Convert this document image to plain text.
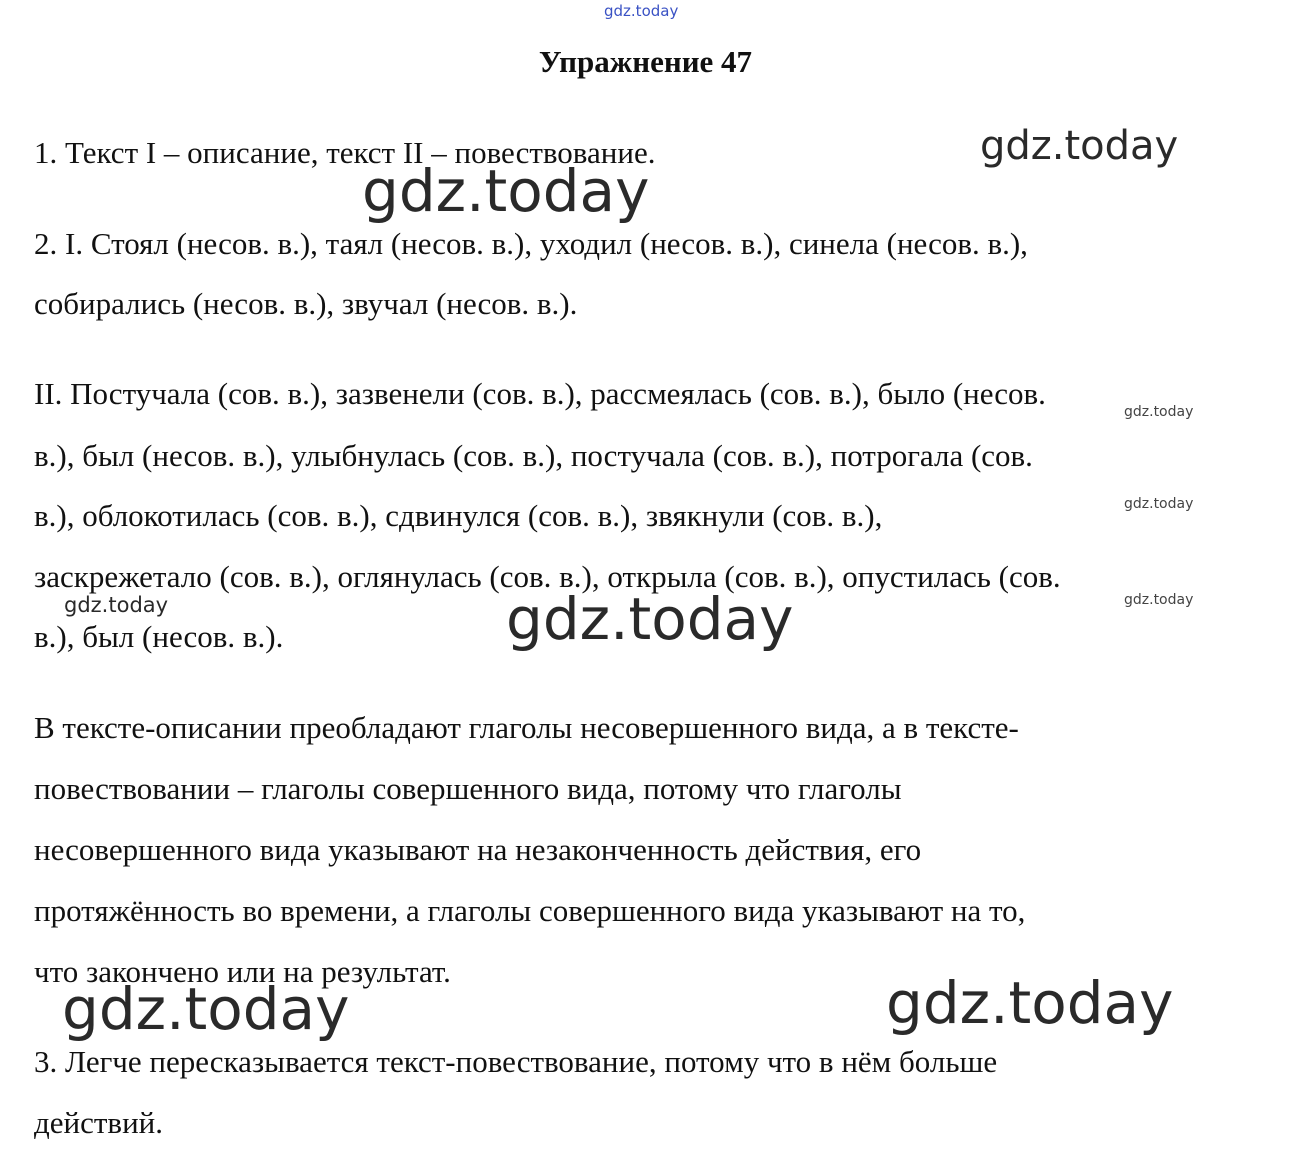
gdz.today
Упражнение 47

1. Текст I – описание, текст II – повествование.

2. I. Стоял (несов. в.), таял (несов. в.), уходил (несов. в.), синела (несов. в.),

собирались (несов. в.), звучал (несов. в.).

II. Постучала (сов. в.), зазвенели (сов. в.), рассмеялась (сов. в.), было (несов.

в.), был (несов. в.), улыбнулась (сов. в.), постучала (сов. в.), потрогала (сов.

в.), облокотилась (сов. в.), сдвинулся (сов. в.), звякнули (сов. в.),

заскрежетало (сов. в.), оглянулась (сов. в.), открыла (сов. в.), опустилась (сов.

в.), был (несов. в.).

В тексте-описании преобладают глаголы несовершенного вида, а в тексте-

повествовании – глаголы совершенного вида, потому что глаголы

несовершенного вида указывают на незаконченность действия, его

протяжённость во времени, а глаголы совершенного вида указывают на то,

что закончено или на результат.

3. Легче пересказывается текст-повествование, потому что в нём больше

действий.

gdz.today
gdz.today
gdz.today
gdz.today
gdz.today
gdz.today	gdz.today
gdz.today	gdz.today
